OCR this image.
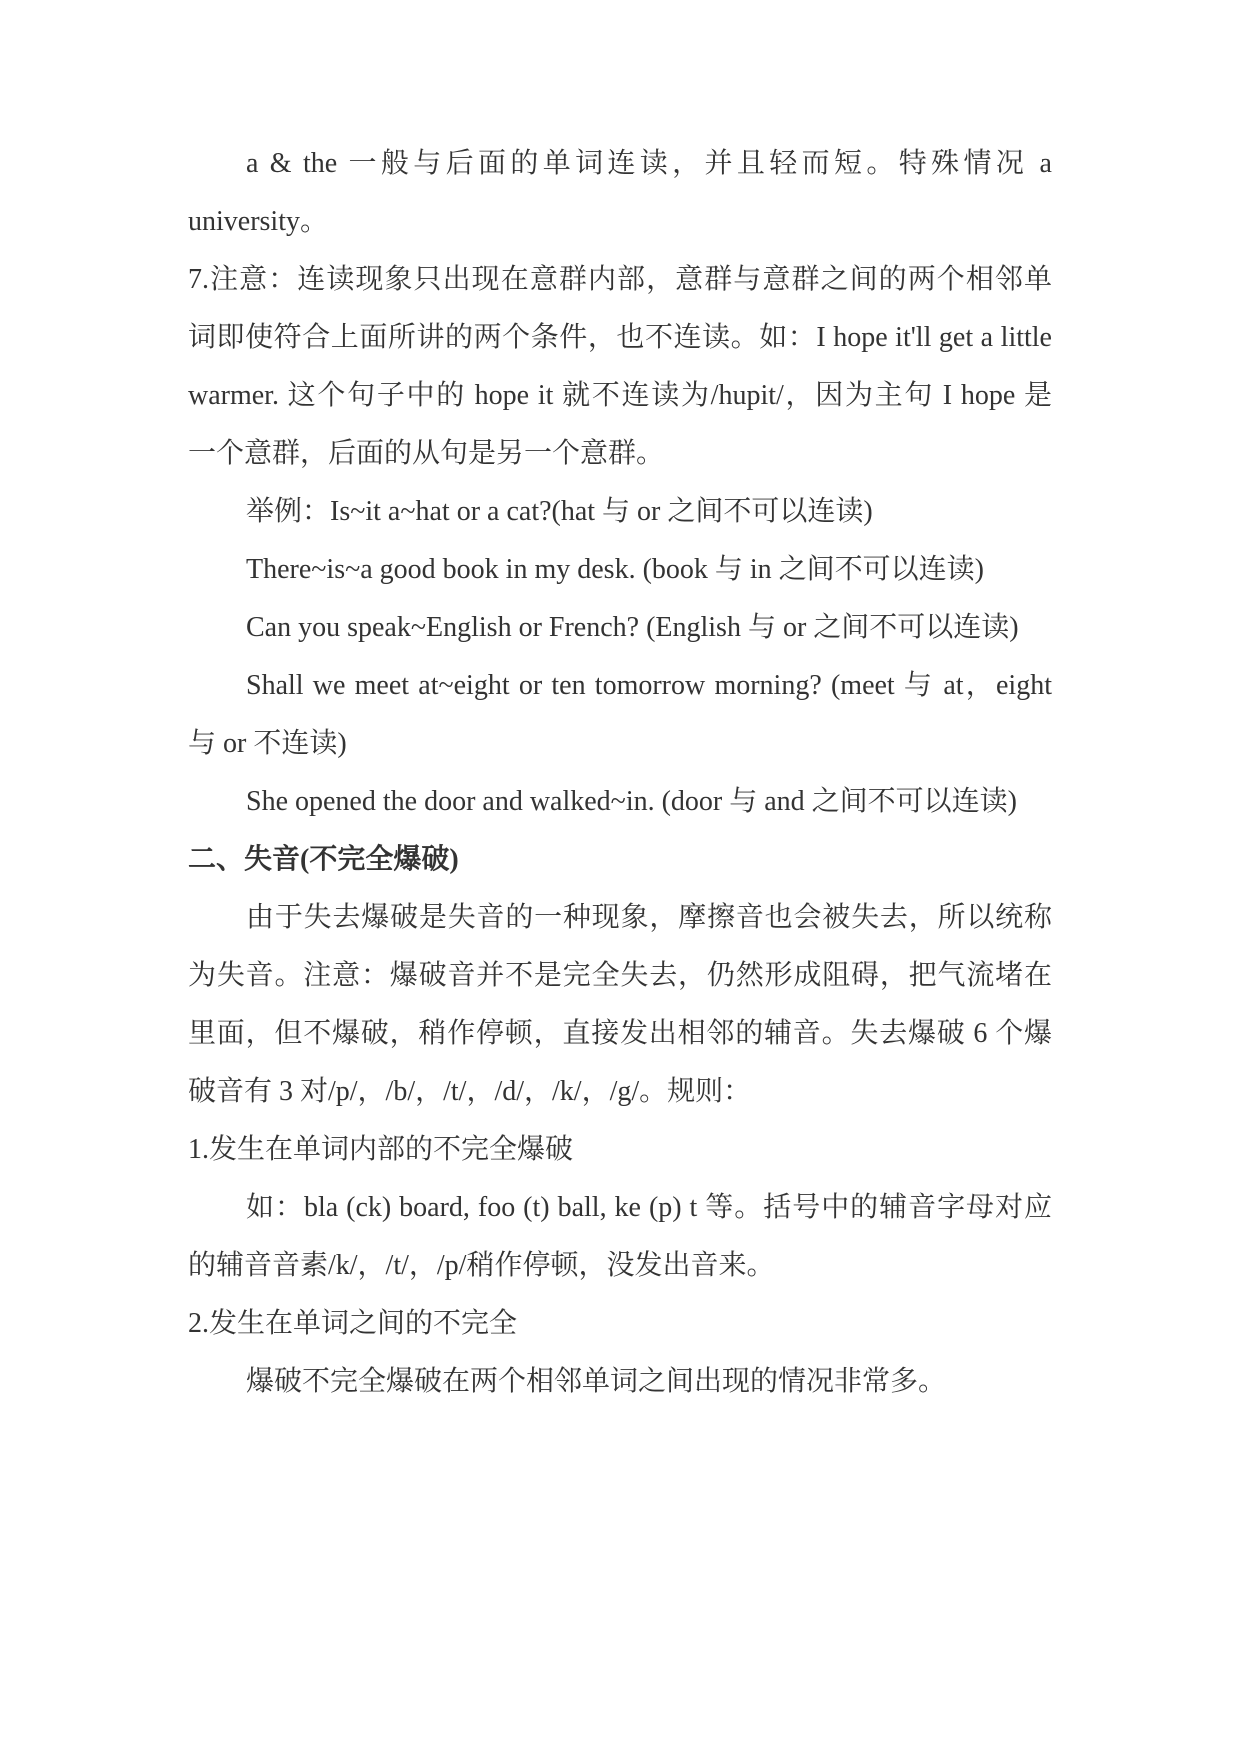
a & the 一般与后面的单词连读，并且轻而短。特殊情况 a
university。
7.注意：连读现象只出现在意群内部，意群与意群之间的两个相邻单
词即使符合上面所讲的两个条件，也不连读。如：I hope it'll get a little
warmer. 这个句子中的 hope it 就不连读为/hupit/，因为主句 I hope 是
一个意群，后面的从句是另一个意群。
举例：Is~it a~hat or a cat?(hat 与 or 之间不可以连读)
There~is~a good book in my desk. (book 与 in 之间不可以连读)
Can you speak~English or French? (English 与 or 之间不可以连读)
Shall we meet at~eight or ten tomorrow morning? (meet 与 at，eight
与 or 不连读)
She opened the door and walked~in. (door 与 and 之间不可以连读)
二、失音(不完全爆破)
由于失去爆破是失音的一种现象，摩擦音也会被失去，所以统称
为失音。注意：爆破音并不是完全失去，仍然形成阻碍，把气流堵在
里面，但不爆破，稍作停顿，直接发出相邻的辅音。失去爆破 6 个爆
破音有 3 对/p/，/b/，/t/，/d/，/k/，/g/。规则：
1.发生在单词内部的不完全爆破
如：bla (ck) board, foo (t) ball, ke (p) t 等。括号中的辅音字母对应
的辅音音素/k/，/t/，/p/稍作停顿，没发出音来。
2.发生在单词之间的不完全
爆破不完全爆破在两个相邻单词之间出现的情况非常多。
